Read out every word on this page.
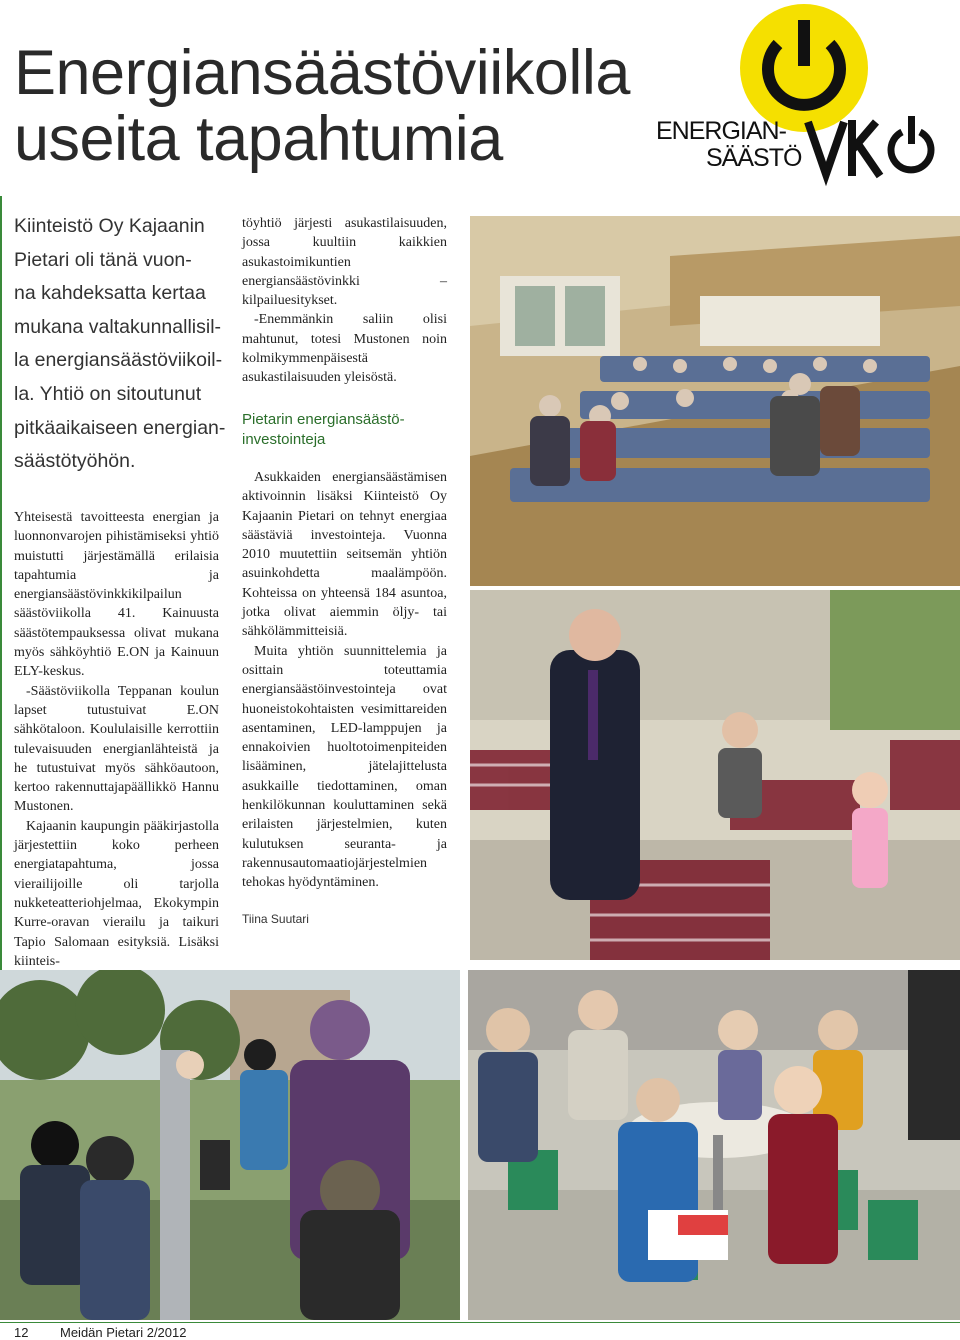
Energiansäästöviikolla
useita tapahtumia	ENERGIAN-
SÄÄSTÖ
Kiinteistö Oy Kajaanin
Pietari oli tänä vuon-
na kahdeksatta kertaa
mukana valtakunnallisil-
la energiansäästöviikoil-
la. Yhtiö on sitoutunut
pitkäaikaiseen energian-
säästötyöhön.

Yhteisestä tavoitteesta energian ja luonnonvarojen pihistämiseksi yhtiö muistutti järjestämällä erilaisia tapahtumia ja energiansäästövinkkikilpailun säästöviikolla 41. Kainuusta säästötempauksessa olivat mukana myös sähköyhtiö E.ON ja Kainuun ELY-keskus.

-Säästöviikolla Teppanan koulun lapset tutustuivat E.ON sähkötaloon. Koululaisille kerrottiin tulevaisuuden energianlähteistä ja he tutustuivat myös sähköautoon, kertoo rakennuttajapäällikkö Hannu Mustonen.

Kajaanin kaupungin pääkirjastolla järjestettiin koko perheen energiatapahtuma, jossa vierailijoille oli tarjolla nukketeatteriohjelmaa, Ekokympin Kurre-oravan vierailu ja taikuri Tapio Salomaan esityksiä. Lisäksi kiinteis-

töyhtiö järjesti asukastilaisuuden, jossa kuultiin kaikkien asukastoimikuntien energiansäästövinkki – kilpailuesitykset.

-Enemmänkin saliin olisi mahtunut, totesi Mustonen noin kolmikymmenpäisestä asukastilaisuuden yleisöstä.

Pietarin energiansäästö-
investointeja

Asukkaiden energiansäästämisen aktivoinnin lisäksi Kiinteistö Oy Kajaanin Pietari on tehnyt energiaa säästäviä investointeja. Vuonna 2010 muutettiin seitsemän yhtiön asuinkohdetta maalämpöön. Kohteissa on yhteensä 184 asuntoa, jotka olivat aiemmin öljy- tai sähkölämmitteisiä.

Muita yhtiön suunnittelemia ja osittain toteuttamia energiansäästöinvestointeja ovat huoneistokohtaisten vesimittareiden asentaminen, LED-lamppujen ja ennakoivien huoltotoimenpiteiden lisääminen, jätelajittelusta asukkaille tiedottaminen, oman henkilökunnan kouluttaminen sekä erilaisten järjestelmien, kuten kulutuksen seuranta- ja rakennusautomaatiojärjestelmien tehokas hyödyntäminen.

Tiina Suutari
12 Meidän Pietari 2/2012
